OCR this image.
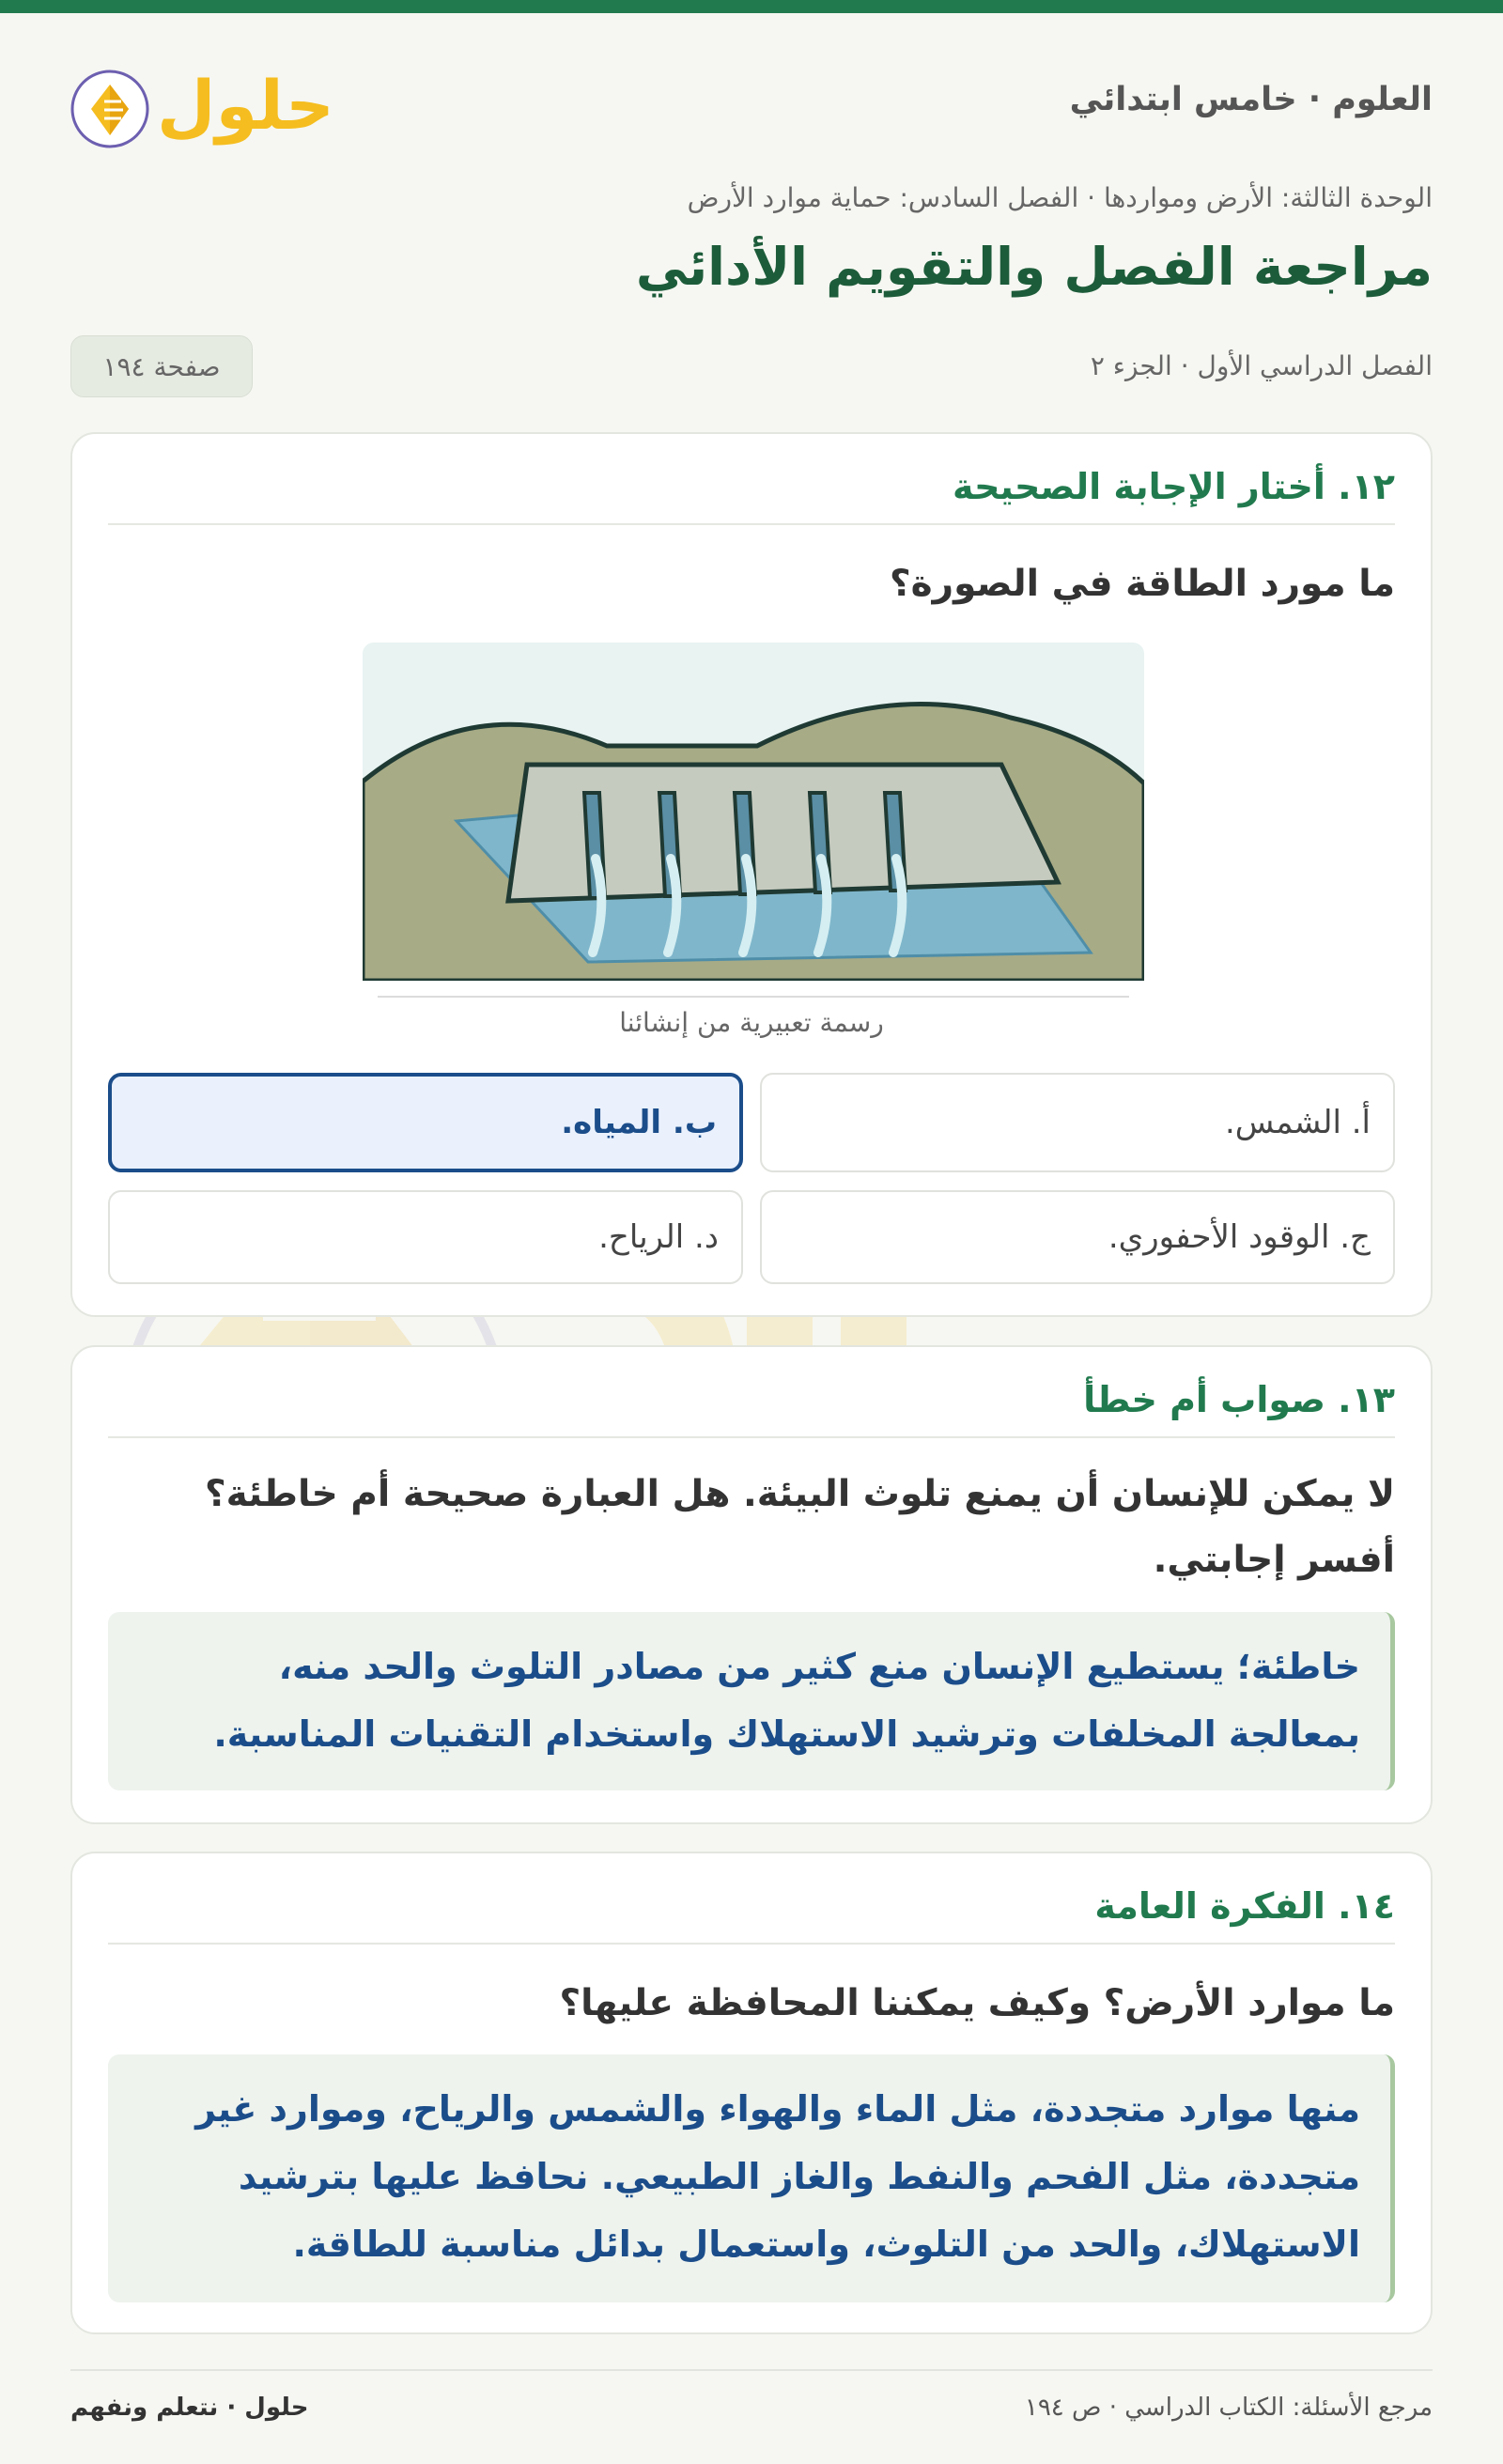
العلوم · خامس ابتدائي
حلول
الوحدة الثالثة: الأرض ومواردها · الفصل السادس: حماية موارد الأرض
مراجعة الفصل والتقويم الأدائي
الفصل الدراسي الأول · الجزء ٢
صفحة ١٩٤
١٢. أختار الإجابة الصحيحة
ما مورد الطاقة في الصورة؟
رسمة تعبيرية من إنشائنا
أ. الشمس.
ب. المياه.
ج. الوقود الأحفوري.
د. الرياح.
١٣. صواب أم خطأ
لا يمكن للإنسان أن يمنع تلوث البيئة. هل العبارة صحيحة أم خاطئة؟ أفسر إجابتي.
خاطئة؛ يستطيع الإنسان منع كثير من مصادر التلوث والحد منه، بمعالجة المخلفات وترشيد الاستهلاك واستخدام التقنيات المناسبة.
١٤. الفكرة العامة
ما موارد الأرض؟ وكيف يمكننا المحافظة عليها؟
منها موارد متجددة، مثل الماء والهواء والشمس والرياح، وموارد غير متجددة، مثل الفحم والنفط والغاز الطبيعي. نحافظ عليها بترشيد الاستهلاك، والحد من التلوث، واستعمال بدائل مناسبة للطاقة.
حلول · نتعلم ونفهم	مرجع الأسئلة: الكتاب الدراسي · ص ١٩٤
